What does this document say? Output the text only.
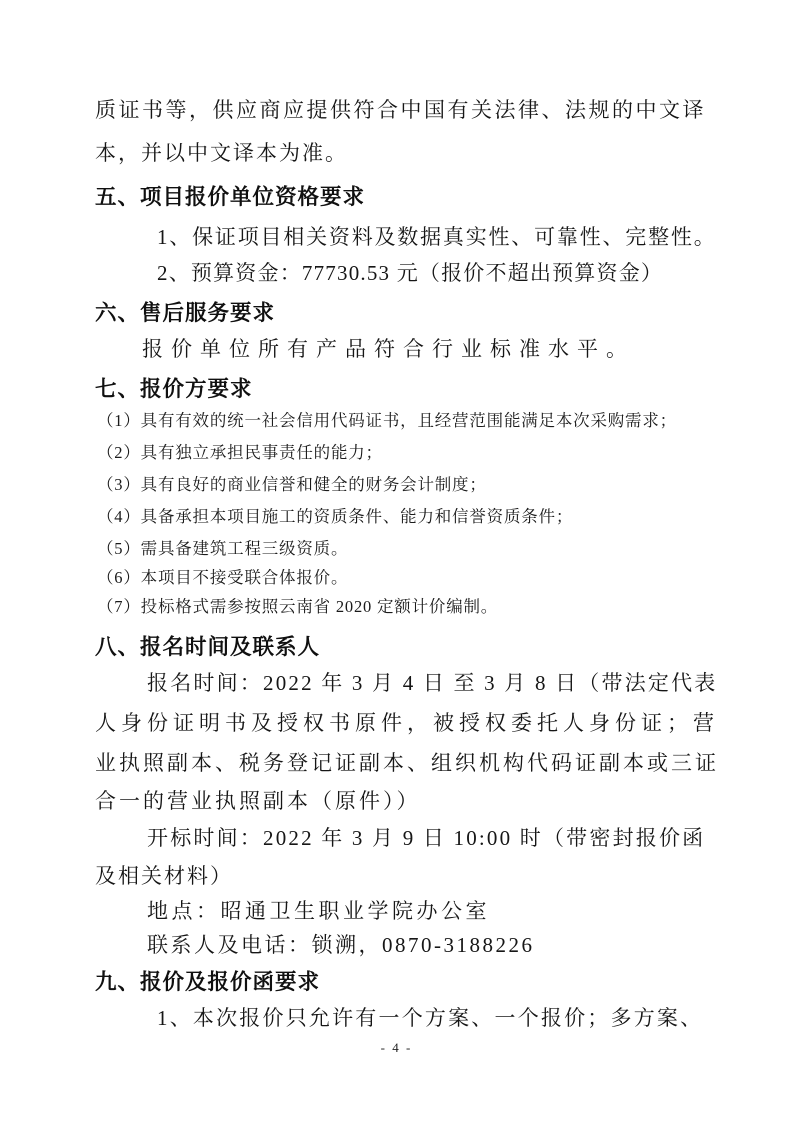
质证书等，供应商应提供符合中国有关法律、法规的中文译
本，并以中文译本为准。
五、项目报价单位资格要求
1、保证项目相关资料及数据真实性、可靠性、完整性。
2、预算资金：77730.53 元（报价不超出预算资金）
六、售后服务要求
报价单位所有产品符合行业标准水平。
七、报价方要求
（1）具有有效的统一社会信用代码证书，且经营范围能满足本次采购需求；
（2）具有独立承担民事责任的能力；
（3）具有良好的商业信誉和健全的财务会计制度；
（4）具备承担本项目施工的资质条件、能力和信誉资质条件；
（5）需具备建筑工程三级资质。
（6）本项目不接受联合体报价。
（7）投标格式需参按照云南省 2020 定额计价编制。
八、报名时间及联系人
报名时间：2022 年 3 月 4 日 至 3 月 8 日（带法定代表
人身份证明书及授权书原件，被授权委托人身份证；营
业执照副本、税务登记证副本、组织机构代码证副本或三证
合一的营业执照副本（原件））
开标时间：2022 年 3 月 9 日 10:00 时（带密封报价函
及相关材料）
地点：昭通卫生职业学院办公室
联系人及电话：锁溯，0870-3188226
九、报价及报价函要求
1、本次报价只允许有一个方案、一个报价；多方案、
- 4 -
